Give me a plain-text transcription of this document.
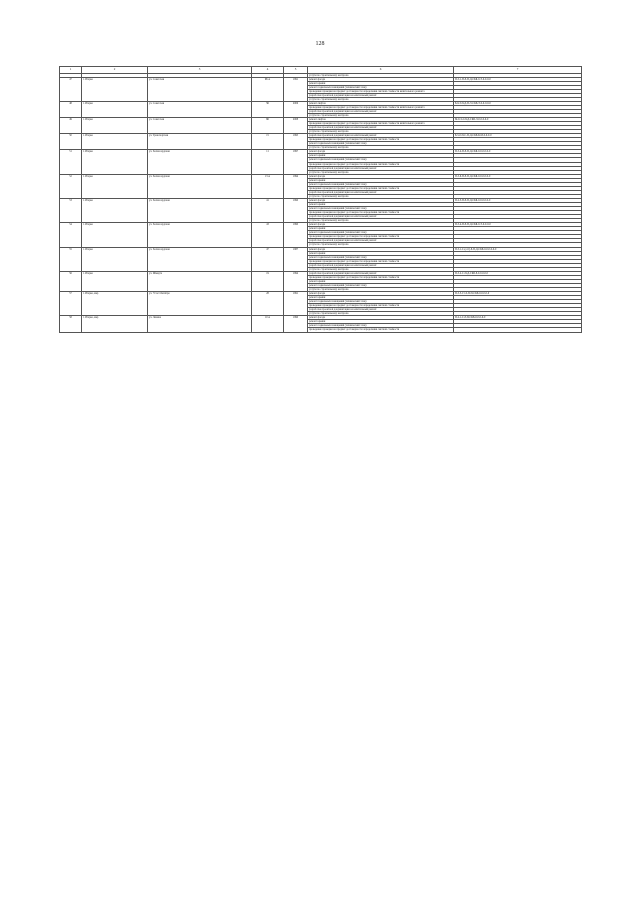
128
1	2	3	4	5	6	7
					услуги по строительному контролю	
47	г. Игарка	ул. Советская	9Б А	1991	ремонт фасада	П-5-1-П-8-П-Д-СКБ-0-Э-0-0-0-0
					ремонт крыши	
					ремонт подвальных помещений (технический этаж)	
					проведение проверки на предмет достоверности определения сметной стоимости капитального ремонта	
					разработка проектной документации на капитальный ремонт	
					услуги по строительному контролю	
48	г. Игарка	ул. Советская	5Б	2006	ремонт лифтов	Б-9-3-П-Д-П-Э-СКБ-Э-0-0-0-0-0
					проведение проверки на предмет достоверности определения сметной стоимости капитального ремонта	
					разработка проектной документации на капитальный ремонт	
					услуги по строительному контролю	
49	г. Игарка	ул. Советская	6Б	2008	ремонт лифтов	М-9-3-2-П-Д-СКБ-Э-0-0-0-0-0
					проведение проверки на предмет достоверности определения сметной стоимости капитального ремонта	
					разработка проектной документации на капитальный ремонт	
					услуги по строительному контролю	
50	г. Игарка	ул. Транспортная	15	1995	разработка проектной документации на капитальный ремонт	Б-5-0-П-С-П-Д-СКБ-Б-М-0-0-0-0
					проведение проверки на предмет достоверности определения сметной стоимости	
					ремонт подвальных помещений (технический этаж)	
					услуги по строительному контролю	
51	г. Игарка	ул. Хелмосердская	11	1997	ремонт фасада	П-5-4-П-8-П-Д-СКБ-0-0-0-0-0-0
					ремонт крыши	
					ремонт подвальных помещений (технический этаж)	
					проведение проверки на предмет достоверности определения сметной стоимости	
					разработка проектной документации на капитальный ремонт	
					услуги по строительному контролю	
52	г. Игарка	ул. Хелмосердская	13 А	1994	ремонт фасада	П-5-6-П-8-П-Д-СКБ-0-0-0-0-0-0
					ремонт крыши	
					ремонт подвальных помещений (технический этаж)	
					проведение проверки на предмет достоверности определения сметной стоимости	
					разработка проектной документации на капитальный ремонт	
					услуги по строительному контролю	
53	г. Игарка	ул. Хелмосердская	41	1990	ремонт фасада	П-2-3-П-8-П-Д-СКБ-0-0-0-0-0-0
					ремонт крыши	
					ремонт подвальных помещений (технический этаж)	
					проведение проверки на предмет достоверности определения сметной стоимости	
					разработка проектной документации на капитальный ремонт	
					услуги по строительному контролю	
54	г. Игарка	ул. Хелмосердская	43	1990	ремонт фасада	П-5-4-П-8-П-Д-СКБ-0-Э-0-0-0-0
					ремонт крыши	
					ремонт подвальных помещений (технический этаж)	
					проведение проверки на предмет достоверности определения сметной стоимости	
					разработка проектной документации на капитальный ремонт	
					услуги по строительному контролю	
55	г. Игарка	ул. Хелмосердская	47	1987	ремонт фасада	П-5-1-С-(ост)-8-П-Д-СКБ-0-0-0-0-0-0
					ремонт крыши	
					ремонт подвальных помещений (технический этаж)	
					проведение проверки на предмет достоверности определения сметной стоимости	
					разработка проектной документации на капитальный ремонт	
					услуги по строительному контролю	
56	г. Игарка	ул. Шмидта	19	1994	разработка проектной документации на капитальный ремонт	П-5-2-С-П-Д-СКБ-8-0-0-0-0-0
					проведение проверки на предмет достоверности определения сметной стоимости	
					ремонт крыши	
					ремонт подвальных помещений (технический этаж)	
					услуги по строительному контролю	
57	г. Игарка, мкр	ул. 70 лет Октября	28	1991	ремонт фасада	П-5-3-Ст-0-П-П-СКБ-0-0-0-0-0
					ремонт крыши	
					ремонт подвальных помещений (технический этаж)	
					проведение проверки на предмет достоверности определения сметной стоимости	
					разработка проектной документации на капитальный ремонт	
					услуги по строительному контролю	
58	г. Игарка, мкр	ул. Ленина	10 А	1990	ремонт фасада	П-2-1-С-8-П-СКБ-0-0-0-0-0
					ремонт крыши	
					ремонт подвальных помещений (технический этаж)	
					проведение проверки на предмет достоверности определения сметной стоимости	
